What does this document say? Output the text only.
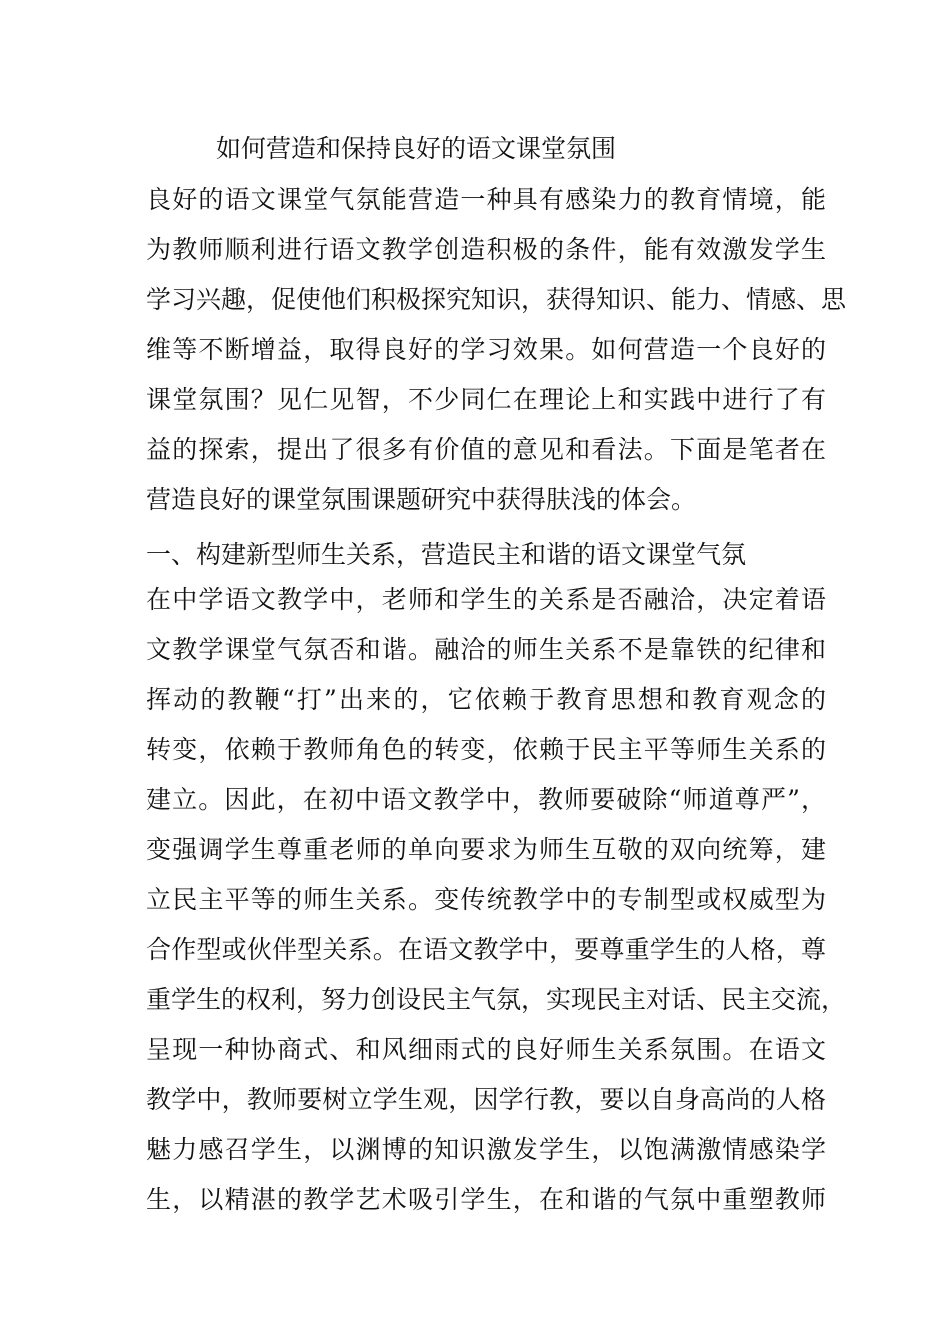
如何营造和保持良好的语文课堂氛围
良好的语文课堂气氛能营造一种具有感染力的教育情境，能
为教师顺利进行语文教学创造积极的条件，能有效激发学生
学习兴趣，促使他们积极探究知识，获得知识、能力、情感、思
维等不断增益，取得良好的学习效果。如何营造一个良好的
课堂氛围？见仁见智，不少同仁在理论上和实践中进行了有
益的探索，提出了很多有价值的意见和看法。下面是笔者在
营造良好的课堂氛围课题研究中获得肤浅的体会。
一、构建新型师生关系，营造民主和谐的语文课堂气氛
在中学语文教学中，老师和学生的关系是否融洽，决定着语
文教学课堂气氛否和谐。融洽的师生关系不是靠铁的纪律和
挥动的教鞭“打”出来的，它依赖于教育思想和教育观念的
转变，依赖于教师角色的转变，依赖于民主平等师生关系的
建立。因此，在初中语文教学中，教师要破除“师道尊严”，
变强调学生尊重老师的单向要求为师生互敬的双向统筹，建
立民主平等的师生关系。变传统教学中的专制型或权威型为
合作型或伙伴型关系。在语文教学中，要尊重学生的人格，尊
重学生的权利，努力创设民主气氛，实现民主对话、民主交流，
呈现一种协商式、和风细雨式的良好师生关系氛围。在语文
教学中，教师要树立学生观，因学行教，要以自身高尚的人格
魅力感召学生，以渊博的知识激发学生，以饱满激情感染学
生，以精湛的教学艺术吸引学生，在和谐的气氛中重塑教师
